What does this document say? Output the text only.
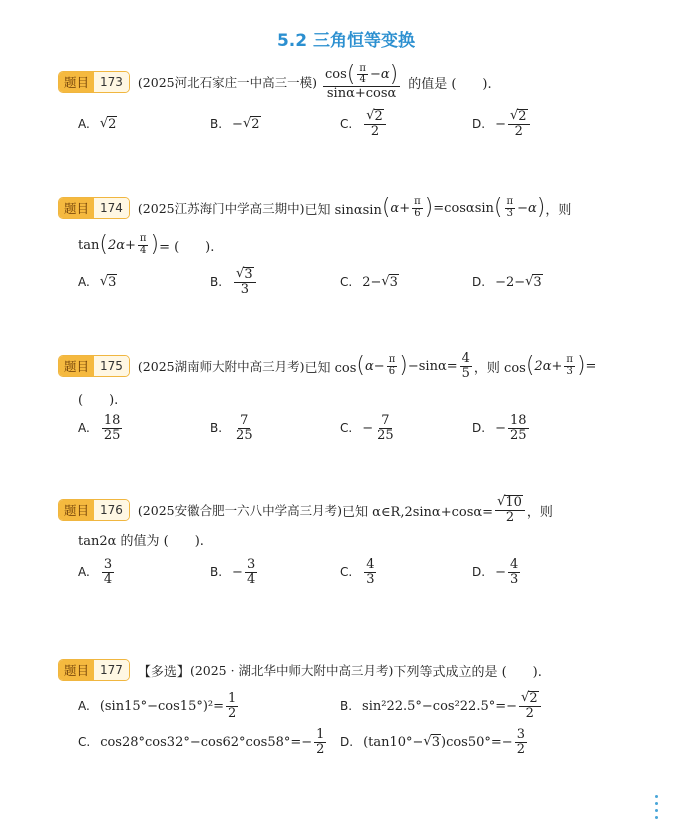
5.2 三角恒等变换
题目 173	(2025河北石家庄一中高三一模) $\frac{\cos ( \frac{\pi}{4} -\alpha )}{\sin\alpha+\cos\alpha}$ 的值是 (　　).
A. √ 2	B. − √ 2	C. $\frac{√ 2}{2}$	D. − $\frac{√ 2}{2}$
题目 174	(2025江苏海门中学高三期中) 已知 sinαsin ( $\alpha+ \frac{\pi}{6}$ ) =cosαsin ( $\frac{\pi}{3} -\alpha$ ) ，则
tan ( $2\alpha+ \frac{\pi}{4}$ ) = (　　).
A. √ 3	B. $\frac{√ 3}{3}$	C. 2− √ 3	D. −2− √ 3
题目 175	(2025湖南师大附中高三月考) 已知 cos ( $\alpha- \frac{\pi}{6}$ ) $-\sin\alpha= \frac{4}{5}$ ，则 cos ( $2\alpha+ \frac{\pi}{3}$ ) =
(　　).
A. $\frac{18}{25}$	B. $\frac{7}{25}$	C. − $\frac{7}{25}$	D. − $\frac{18}{25}$
题目 176	(2025安徽合肥一六八中学高三月考) 已知 α∈R,2sinα+cosα= $\frac{√ 10}{2}$ ，则
tan2α 的值为 (　　).
A. $\frac{3}{4}$	B. − $\frac{3}{4}$	C. $\frac{4}{3}$	D. − $\frac{4}{3}$
题目 177	【多选】 (2025 · 湖北华中师大附中高三月考) 下列等式成立的是 (　　).
A. $(\sin 15^\circ-\cos 15^\circ)^2= \frac{1}{2}$	B. $\sin^222.5^\circ-\cos^222.5^\circ=- \frac{√ 2}{2}$
C. $\cos 28^\circ\cos 32^\circ-\cos 62^\circ\cos 58^\circ=- \frac{1}{2} D$. (tan10°− √ 3 )$\cos 50^\circ=- \frac{3}{2}$
